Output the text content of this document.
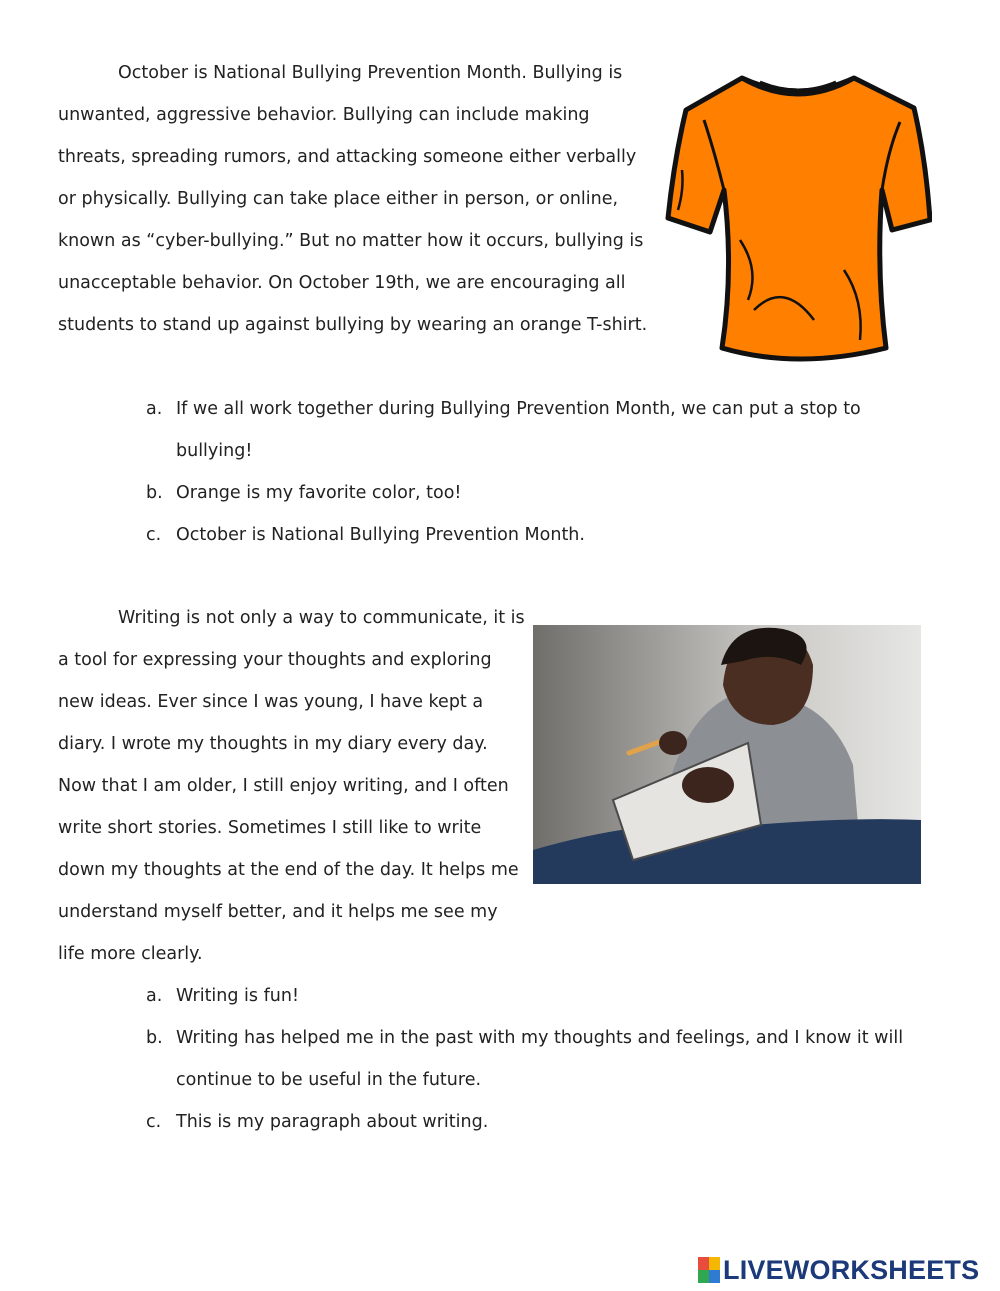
October is National Bullying Prevention Month. Bullying is unwanted, aggressive behavior. Bullying can include making threats, spreading rumors, and attacking someone either verbally or physically. Bullying can take place either in person, or online, known as “cyber-bullying.” But no matter how it occurs, bullying is unacceptable behavior. On October 19th, we are encouraging all students to stand up against bullying by wearing an orange T-shirt.

a. If we all work together during Bullying Prevention Month, we can put a stop to bullying!
b. Orange is my favorite color, too!
c. October is National Bullying Prevention Month.

Writing is not only a way to communicate, it is a tool for expressing your thoughts and exploring new ideas. Ever since I was young, I have kept a diary. I wrote my thoughts in my diary every day. Now that I am older, I still enjoy writing, and I often write short stories. Sometimes I still like to write down my thoughts at the end of the day. It helps me understand myself better, and it helps me see my life more clearly.

a. Writing is fun!
b. Writing has helped me in the past with my thoughts and feelings, and I know it will continue to be useful in the future.
c. This is my paragraph about writing.
LIVEWORKSHEETS
